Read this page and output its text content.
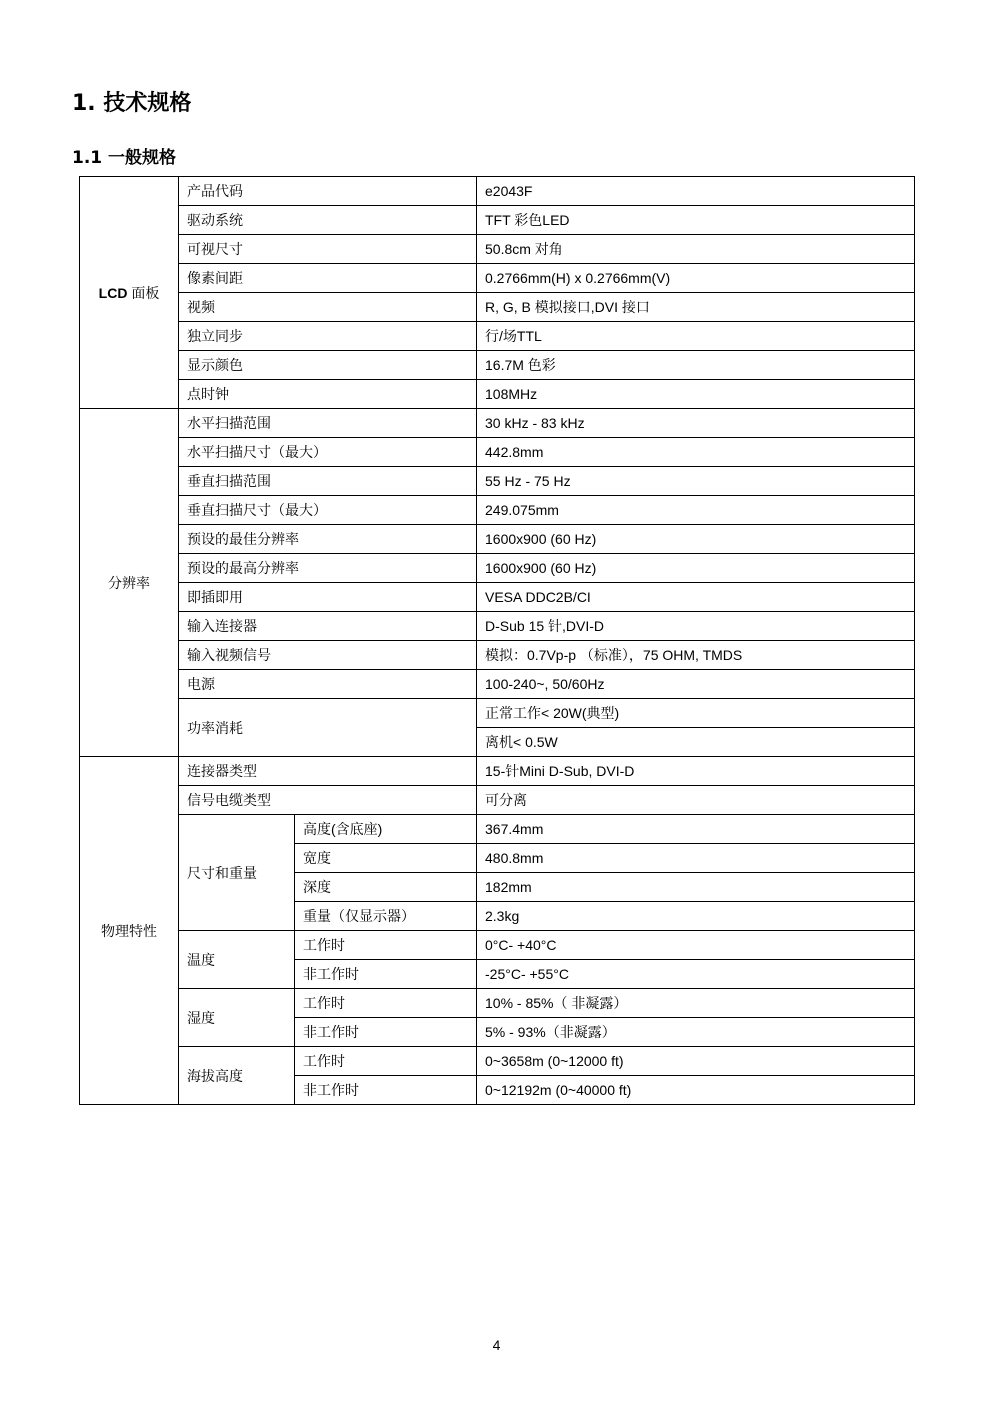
1. 技术规格
1.1 一般规格
LCD 面板	产品代码		e2043F
	驱动系统		TFT 彩色LED
	可视尺寸		50.8cm 对角
	像素间距		0.2766mm(H) x 0.2766mm(V)
	视频		R, G, B 模拟接口,DVI 接口
	独立同步		行/场TTL
	显示颜色		16.7M 色彩
	点时钟		108MHz
分辨率	水平扫描范围		30 kHz - 83 kHz
	水平扫描尺寸（最大）		442.8mm
	垂直扫描范围		55 Hz - 75 Hz
	垂直扫描尺寸（最大）		249.075mm
	预设的最佳分辨率		1600x900 (60 Hz)
	预设的最高分辨率		1600x900 (60 Hz)
	即插即用		VESA DDC2B/CI
	输入连接器		D-Sub 15 针,DVI-D
	输入视频信号		模拟：0.7Vp-p （标准），75 OHM, TMDS
	电源		100-240~, 50/60Hz
	功率消耗		正常工作< 20W(典型)
			离机< 0.5W
物理特性	连接器类型		15-针Mini D-Sub, DVI-D
	信号电缆类型		可分离
	尺寸和重量	高度(含底座)	367.4mm
		宽度	480.8mm
		深度	182mm
		重量（仅显示器）	2.3kg
	温度	工作时	0°C- +40°C
		非工作时	-25°C- +55°C
	湿度	工作时	10% - 85%（ 非凝露）
		非工作时	5% - 93%（非凝露）
	海拔高度	工作时	0~3658m (0~12000 ft)
		非工作时	0~12192m (0~40000 ft)
4
